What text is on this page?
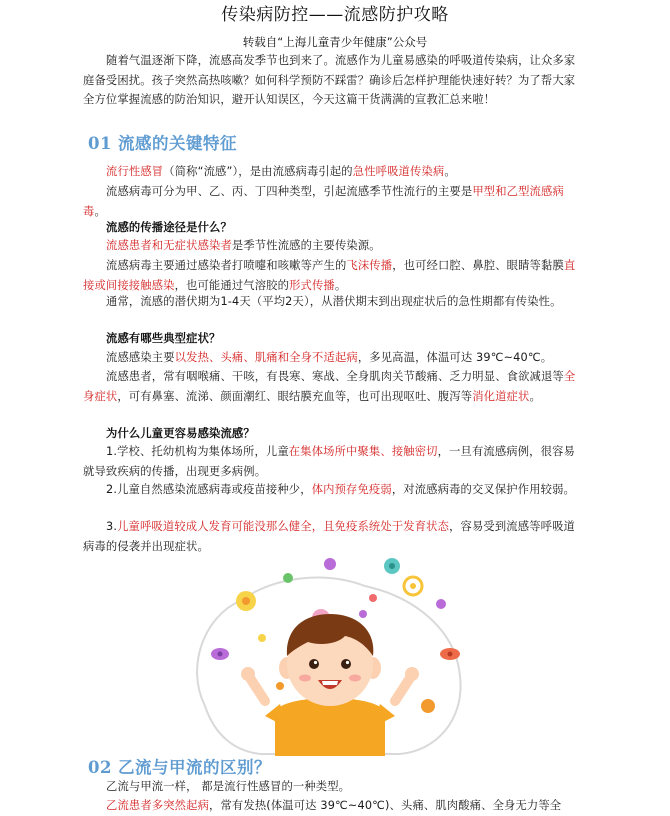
传染病防控——流感防护攻略
转载自“上海儿童青少年健康”公众号
随着气温逐渐下降，流感高发季节也到来了。流感作为儿童易感染的呼吸道传染病，让众多家庭备受困扰。孩子突然高热咳嗽？如何科学预防不踩雷？确诊后怎样护理能快速好转？为了帮大家全方位掌握流感的防治知识，避开认知误区，今天这篇干货满满的宣教汇总来啦！
01 流感的关键特征
流行性感冒（简称“流感”），是由流感病毒引起的急性呼吸道传染病。
流感病毒可分为甲、乙、丙、丁四种类型，引起流感季节性流行的主要是甲型和乙型流感病毒。
流感的传播途径是什么？
流感患者和无症状感染者是季节性流感的主要传染源。
流感病毒主要通过感染者打喷嚏和咳嗽等产生的飞沫传播，也可经口腔、鼻腔、眼睛等黏膜直接或间接接触感染，也可能通过气溶胶的形式传播。
通常，流感的潜伏期为1-4天（平均2天），从潜伏期末到出现症状后的急性期都有传染性。
流感有哪些典型症状？
流感感染主要以发热、头痛、肌痛和全身不适起病，多见高温，体温可达 39℃~40℃。
流感患者，常有咽喉痛、干咳，有畏寒、寒战、全身肌肉关节酸痛、乏力明显、食欲减退等全身症状，可有鼻塞、流涕、颜面潮红、眼结膜充血等，也可出现呕吐、腹泻等消化道症状。
为什么儿童更容易感染流感？
1.学校、托幼机构为集体场所，儿童在集体场所中聚集、接触密切，一旦有流感病例，很容易就导致疾病的传播，出现更多病例。
2.儿童自然感染流感病毒或疫苗接种少，体内预存免疫弱，对流感病毒的交叉保护作用较弱。
3.儿童呼吸道较成人发育可能没那么健全，且免疫系统处于发育状态，容易受到流感等呼吸道病毒的侵袭并出现症状。
02 乙流与甲流的区别？
乙流与甲流一样， 都是流行性感冒的一种类型。
乙流患者多突然起病，常有发热(体温可达 39℃~40℃)、头痛、肌肉酸痛、全身无力等全
